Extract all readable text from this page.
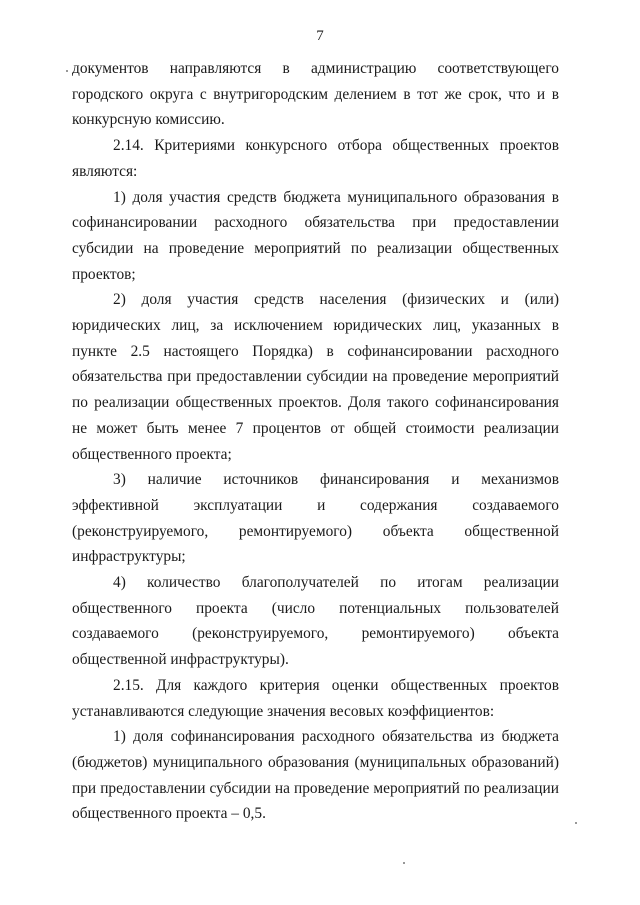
7

документов направляются в администрацию соответствующего городского округа с внутригородским делением в тот же срок, что и в конкурсную комиссию.

2.14. Критериями конкурсного отбора общественных проектов являются:

1) доля участия средств бюджета муниципального образования в софинансировании расходного обязательства при предоставлении субсидии на проведение мероприятий по реализации общественных проектов;

2) доля участия средств населения (физических и (или) юридических лиц, за исключением юридических лиц, указанных в пункте 2.5 настоящего Порядка) в софинансировании расходного обязательства при предоставлении субсидии на проведение мероприятий по реализации общественных проектов. Доля такого софинансирования не может быть менее 7 процентов от общей стоимости реализации общественного проекта;

3) наличие источников финансирования и механизмов эффективной эксплуатации и содержания создаваемого (реконструируемого, ремонтируемого) объекта общественной инфраструктуры;

4) количество благополучателей по итогам реализации общественного проекта (число потенциальных пользователей создаваемого (реконструируемого, ремонтируемого) объекта общественной инфраструктуры).

2.15. Для каждого критерия оценки общественных проектов устанавливаются следующие значения весовых коэффициентов:

1) доля софинансирования расходного обязательства из бюджета (бюджетов) муниципального образования (муниципальных образований) при предоставлении субсидии на проведение мероприятий по реализации общественного проекта – 0,5.
